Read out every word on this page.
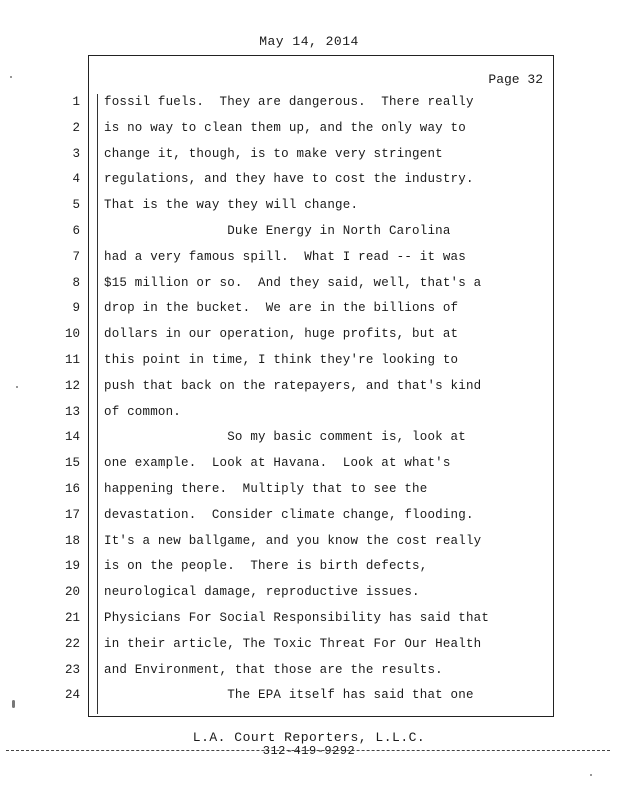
May 14, 2014
Page 32
1 fossil fuels.  They are dangerous.  There really
2 is no way to clean them up, and the only way to
3 change it, though, is to make very stringent
4 regulations, and they have to cost the industry.
5 That is the way they will change.
6 Duke Energy in North Carolina
7 had a very famous spill.  What I read -- it was
8 $15 million or so.  And they said, well, that's a
9 drop in the bucket.  We are in the billions of
10 dollars in our operation, huge profits, but at
11 this point in time, I think they're looking to
12 push that back on the ratepayers, and that's kind
13 of common.
14 So my basic comment is, look at
15 one example.  Look at Havana.  Look at what's
16 happening there.  Multiply that to see the
17 devastation.  Consider climate change, flooding.
18 It's a new ballgame, and you know the cost really
19 is on the people.  There is birth defects,
20 neurological damage, reproductive issues.
21 Physicians For Social Responsibility has said that
22 in their article, The Toxic Threat For Our Health
23 and Environment, that those are the results.
24 The EPA itself has said that one
L.A. Court Reporters, L.L.C.
312-419-9292
